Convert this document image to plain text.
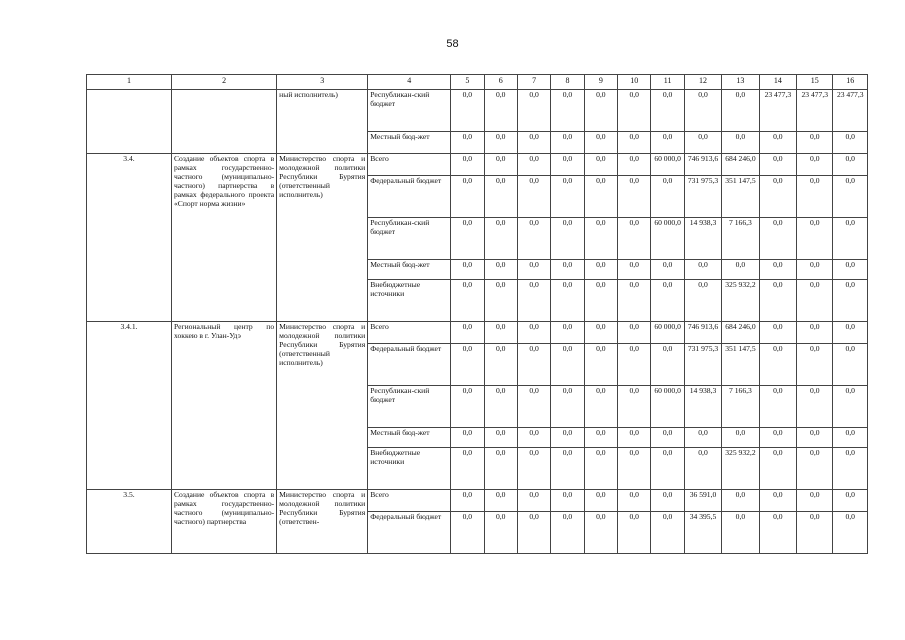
58
1	2	3	4	5	6	7	8	9	10	11	12	13	14	15	16
		ный исполнитель)	Республикан-ский бюджет	0,0	0,0	0,0	0,0	0,0	0,0	0,0	0,0	0,0	23 477,3	23 477,3	23 477,3
			Местный бюд-жет	0,0	0,0	0,0	0,0	0,0	0,0	0,0	0,0	0,0	0,0	0,0	0,0
3.4.	Создание объектов спорта в рамках государственно- частного (муниципально-частного) партнерства в рамках федерального проекта «Спорт норма жизни»	Министерство спорта и молодежной политики Республики Бурятия (ответственный исполнитель)	Всего	0,0	0,0	0,0	0,0	0,0	0,0	60 000,0	746 913,6	684 246,0	0,0	0,0	0,0
			Федеральный бюджет	0,0	0,0	0,0	0,0	0,0	0,0	0,0	731 975,3	351 147,5	0,0	0,0	0,0
			Республикан-ский бюджет	0,0	0,0	0,0	0,0	0,0	0,0	60 000,0	14 938,3	7 166,3	0,0	0,0	0,0
			Местный бюд-жет	0,0	0,0	0,0	0,0	0,0	0,0	0,0	0,0	0,0	0,0	0,0	0,0
			Внебюджетные источники	0,0	0,0	0,0	0,0	0,0	0,0	0,0	0,0	325 932,2	0,0	0,0	0,0
3.4.1.	Региональный центр по хоккею в г. Улан-Удэ	Министерство спорта и молодежной политики Республики Бурятия (ответственный исполнитель)	Всего	0,0	0,0	0,0	0,0	0,0	0,0	60 000,0	746 913,6	684 246,0	0,0	0,0	0,0
			Федеральный бюджет	0,0	0,0	0,0	0,0	0,0	0,0	0,0	731 975,3	351 147,5	0,0	0,0	0,0
			Республикан-ский бюджет	0,0	0,0	0,0	0,0	0,0	0,0	60 000,0	14 938,3	7 166,3	0,0	0,0	0,0
			Местный бюд-жет	0,0	0,0	0,0	0,0	0,0	0,0	0,0	0,0	0,0	0,0	0,0	0,0
			Внебюджетные источники	0,0	0,0	0,0	0,0	0,0	0,0	0,0	0,0	325 932,2	0,0	0,0	0,0
3.5.	Создание объектов спорта в рамках государственно-частного (муниципально-частного) партнерства	Министерство спорта и молодежной политики Республики Бурятия (ответствен-	Всего	0,0	0,0	0,0	0,0	0,0	0,0	0,0	36 591,0	0,0	0,0	0,0	0,0
			Федеральный бюджет	0,0	0,0	0,0	0,0	0,0	0,0	0,0	34 395,5	0,0	0,0	0,0	0,0
